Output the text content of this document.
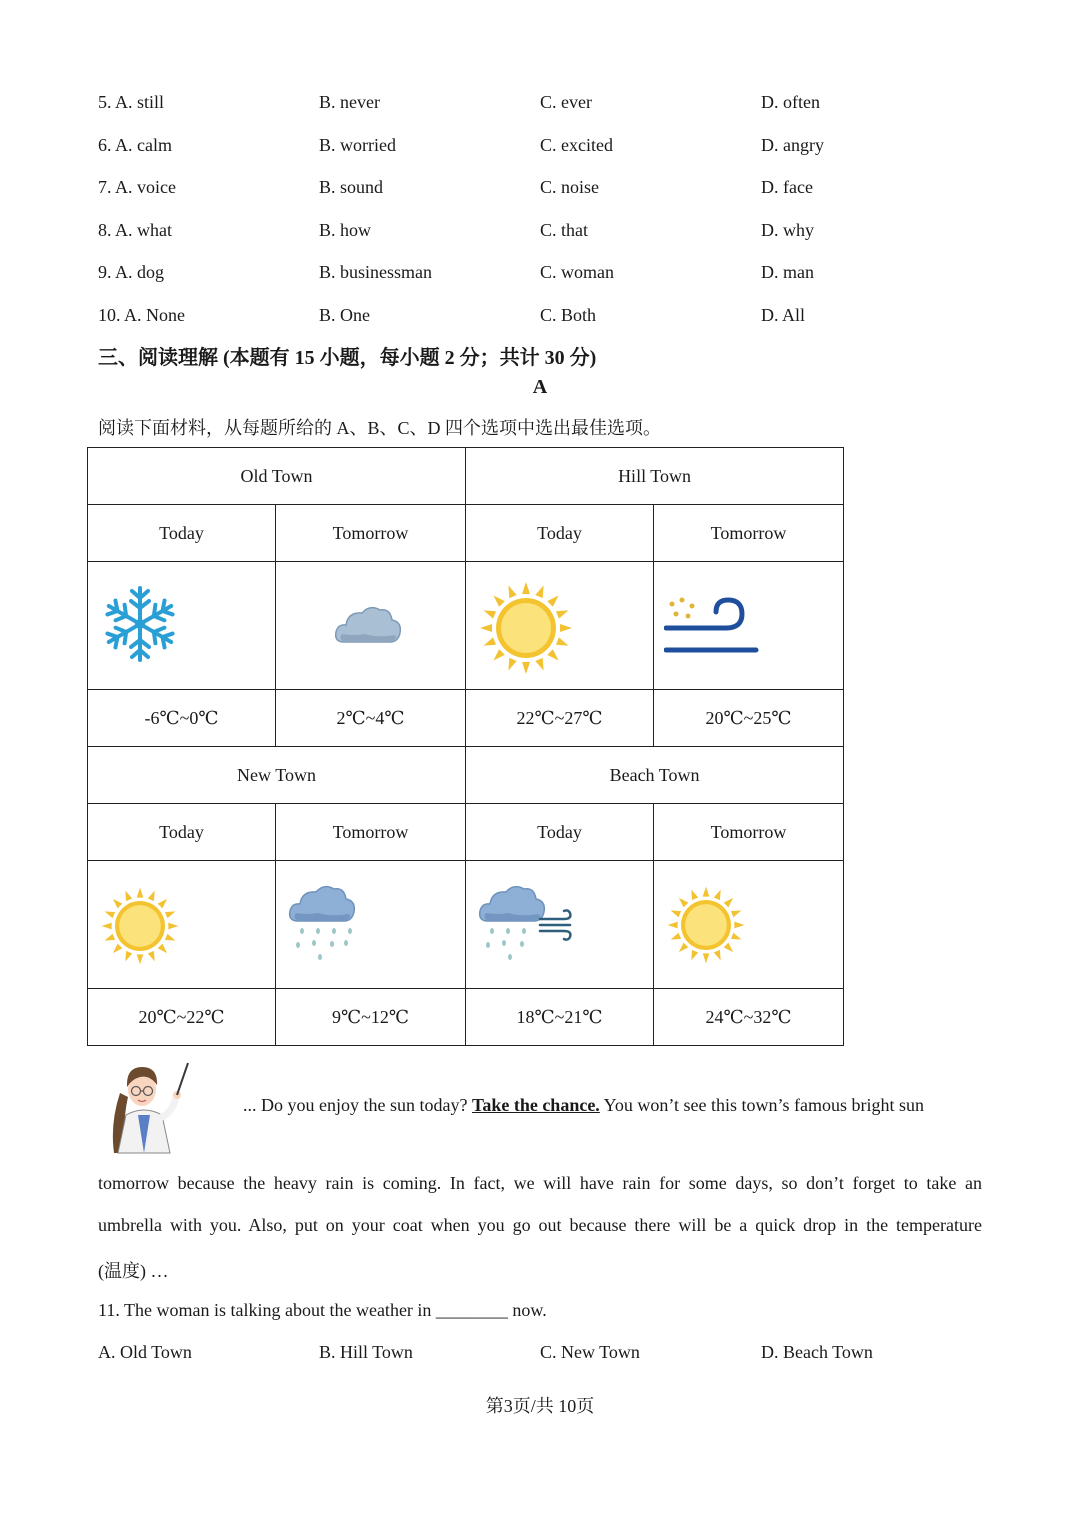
5. A. still	B. never	C. ever	D. often
6. A. calm	B. worried	C. excited	D. angry
7. A. voice	B. sound	C. noise	D. face
8. A. what	B. how	C. that	D. why
9. A. dog	B. businessman	C. woman	D. man
10. A. None	B. One	C. Both	D. All
三、阅读理解 (本题有 15 小题，每小题 2 分；共计 30 分)
A
阅读下面材料，从每题所给的 A、B、C、D 四个选项中选出最佳选项。
Old Town		Hill Town	
Today	Tomorrow	Today	Tomorrow

-6℃~0℃	2℃~4℃	22℃~27℃	20℃~25℃
New Town		Beach Town	
Today	Tomorrow	Today	Tomorrow

20℃~22℃	9℃~12℃	18℃~21℃	24℃~32℃
... Do you enjoy the sun today? Take the chance. You won’t see this town’s famous bright sun
tomorrow because the heavy rain is coming. In fact, we will have rain for some days, so don’t forget to take an
umbrella with you. Also, put on your coat when you go out because there will be a quick drop in the temperature
(温度) …
11. The woman is talking about the weather in ________ now.
A. Old Town	B. Hill Town	C. New Town	D. Beach Town
第3页/共 10页
